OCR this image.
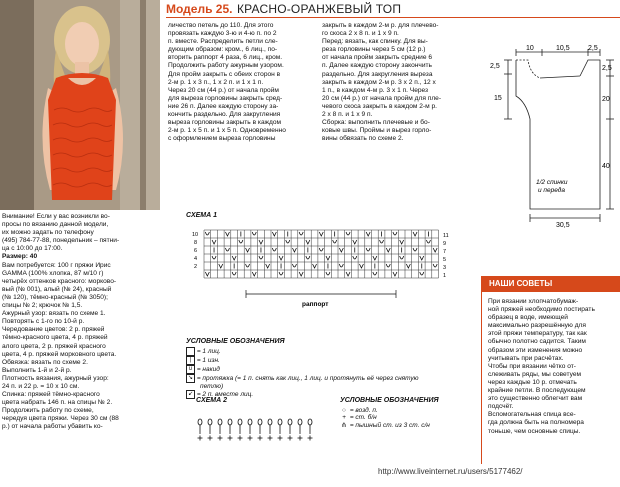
Модель 25. КРАСНО-ОРАНЖЕВЫЙ ТОП

Внимание! Если у вас возникли во-

просы по вязанию данной модели,

их можно задать по телефону

(495) 784-77-88, понедельник – пятни-

ца с 10:00 до 17:00.

Размер: 40

Вам потребуется: 100 г пряжи Ирис

GAMMA (100% хлопка, 87 м/10 г)

четырёх оттенков красного: морково-

вый (№ 001), алый (№ 24), красный

(№ 120), тёмно-красный (№ 3050);

спицы № 2; крючок № 1,5.

Ажурный узор: вязать по схеме 1.

Повторять с 1-го по 10-й р.

Чередование цветов: 2 р. пряжей

тёмно-красного цвета, 4 р. пряжей

алого цвета, 2 р. пряжей красного

цвета, 4 р. пряжей морковного цвета.

Обвязка: вязать по схеме 2.

Выполнить 1-й и 2-й р.

Плотность вязания, ажурный узор:

24 п. и 22 р. = 10 х 10 см.

Спинка: пряжей тёмно-красного

цвета набрать 146 п. на спицы № 2.

Продолжить работу по схеме,

чередуя цвета пряжи. Через 30 см (88

р.) от начала работы убавить ко-

личество петель до 110. Для этого

провязать каждую 3-ю и 4-ю п. по 2

п. вместе. Распределить петли сле-

дующим образом: кром., 6 лиц., по-

вторить раппорт 4 раза, 6 лиц., кром.

Продолжить работу ажурным узором.

Для пройм закрыть с обеих сторон в

2-м р. 1 х 3 п., 1 х 2 п. и 1 х 1 п.

Через 20 см (44 р.) от начала пройм

для выреза горловины закрыть сред-

ние 26 п. Далее каждую сторону за-

кончить раздельно. Для закругления

выреза горловины закрыть в каждом

2-м р. 1 х 5 п. и 1 х 5 п. Одновременно

с оформлением выреза горловины

закрыть в каждом 2-м р. для плечево-

го скоса 2 х 8 п. и 1 х 9 п.

Перед: вязать, как спинку. Для вы-

реза горловины через 5 см (12 р.)

от начала пройм закрыть средние 6

п. Далее каждую сторону закончить

раздельно. Для закругления выреза

закрыть в каждом 2-м р. 3 х 2 п., 12 х

1 п., в каждом 4-м р. 3 х 1 п. Через

20 см (44 р.) от начала пройм для пле-

чевого скоса закрыть в каждом 2-м р.

2 х 8 п. и 1 х 9 п.

Сборка: выполнить плечевые и бо-

ковые швы. Проймы и вырез горло-

вины обвязать по схеме 2.

10	10,5	2,5
2,5
15
2,5
20
40
30,5
1/2 спинки
и переда
СХЕМА 1
11
9
7
5
3
1
10
8
6
4
2
раппорт
УСЛОВНЫЕ ОБОЗНАЧЕНИЯ
= 1 лиц.
| = 1 изн.
∪ = накид
↘ = протяжка (= 1 п. снять как лиц., 1 лиц. и протянуть её через снятую
петлю)
↙ = 2 п. вместе лиц.
СХЕМА 2	УСЛОВНЫЕ ОБОЗНАЧЕНИЯ
○ = возд. п.
+ = ст. б/н
⋔ = пышный ст. из 3 ст. с/н
НАШИ СОВЕТЫ

При вязании хлопчатобумаж-

ной пряжей необходимо постирать

образец в воде, имеющей

максимально разрешённую для

этой пряжи температуру, так как

обычно полотно садится. Таким

образом эти изменения можно

учитывать при расчётах.

Чтобы при вязании чётко от-

слеживать ряды, мы советуем

через каждые 10 р. отмечать

крайние петли. В последующем

это существенно облегчит вам

подсчёт.

Вспомогательная спица все-

гда должна быть на полномера

тоньше, чем основные спицы.

http://www.liveinternet.ru/users/5177462/
